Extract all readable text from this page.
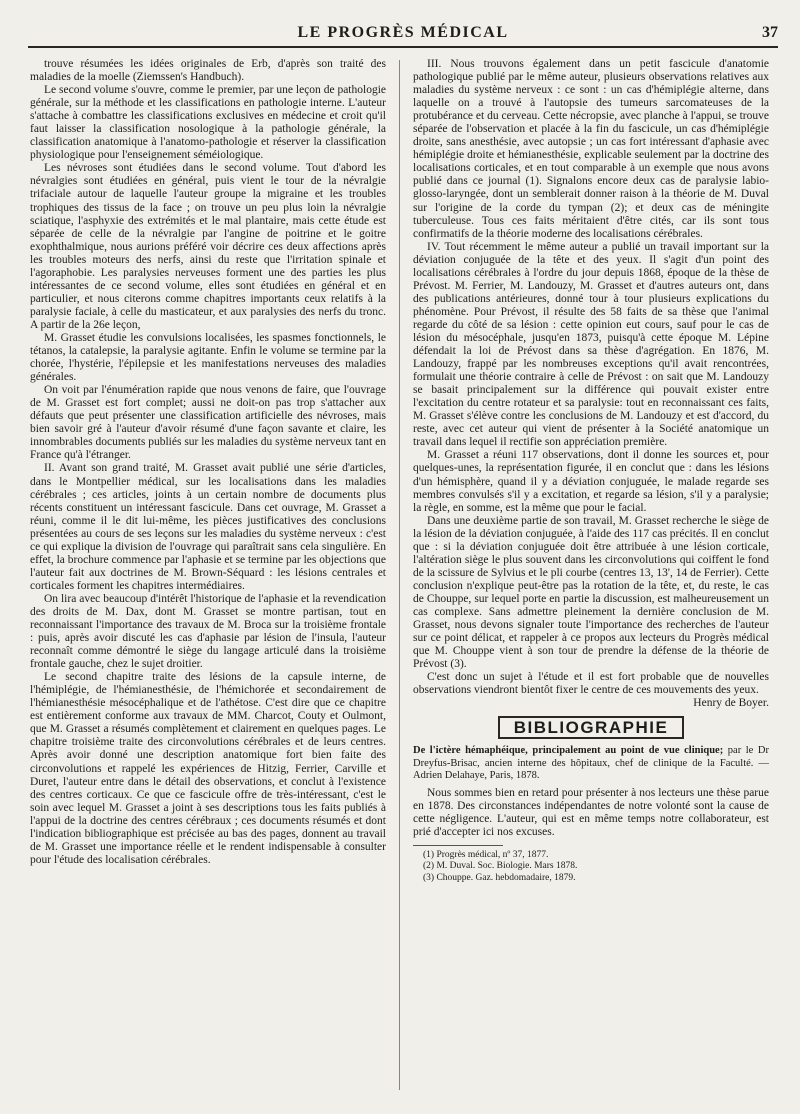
LE PROGRÈS MÉDICAL	37

trouve résumées les idées originales de Erb, d'après son traité des maladies de la moelle (Ziemssen's Handbuch).

Le second volume s'ouvre, comme le premier, par une leçon de pathologie générale, sur la méthode et les classifications en pathologie interne. L'auteur s'attache à combattre les classifications exclusives en médecine et croit qu'il faut laisser la classification nosologique à la pathologie générale, la classification anatomique à l'anatomo-pathologie et réserver la classification physiologique pour l'enseignement séméiologique.

Les névroses sont étudiées dans le second volume. Tout d'abord les névralgies sont étudiées en général, puis vient le tour de la névralgie trifaciale autour de laquelle l'auteur groupe la migraine et les troubles trophiques des tissus de la face ; on trouve un peu plus loin la névralgie sciatique, l'asphyxie des extrémités et le mal plantaire, mais cette étude est séparée de celle de la névralgie par l'angine de poitrine et le goitre exophthalmique, nous aurions préféré voir décrire ces deux affections après les troubles moteurs des nerfs, ainsi du reste que l'irritation spinale et l'agoraphobie. Les paralysies nerveuses forment une des parties les plus intéressantes de ce second volume, elles sont étudiées en général et en particulier, et nous citerons comme chapitres importants ceux relatifs à la paralysie faciale, à celle du masticateur, et aux paralysies des nerfs du tronc. A partir de la 26e leçon,

M. Grasset étudie les convulsions localisées, les spasmes fonctionnels, le tétanos, la catalepsie, la paralysie agitante. Enfin le volume se termine par la chorée, l'hystérie, l'épilepsie et les manifestations nerveuses des maladies générales.

On voit par l'énumération rapide que nous venons de faire, que l'ouvrage de M. Grasset est fort complet; aussi ne doit-on pas trop s'attacher aux défauts que peut présenter une classification artificielle des névroses, mais bien savoir gré à l'auteur d'avoir résumé d'une façon savante et claire, les innombrables documents publiés sur les maladies du système nerveux tant en France qu'à l'étranger.

II. Avant son grand traité, M. Grasset avait publié une série d'articles, dans le Montpellier médical, sur les localisations dans les maladies cérébrales ; ces articles, joints à un certain nombre de documents plus récents constituent un intéressant fascicule. Dans cet ouvrage, M. Grasset a réuni, comme il le dit lui-même, les pièces justificatives des conclusions présentées au cours de ses leçons sur les maladies du système nerveux : c'est ce qui explique la division de l'ouvrage qui paraîtrait sans cela singulière. En effet, la brochure commence par l'aphasie et se termine par les objections que l'auteur fait aux doctrines de M. Brown-Séquard : les lésions centrales et corticales forment les chapitres intermédiaires.

On lira avec beaucoup d'intérêt l'historique de l'aphasie et la revendication des droits de M. Dax, dont M. Grasset se montre partisan, tout en reconnaissant l'importance des travaux de M. Broca sur la troisième frontale : puis, après avoir discuté les cas d'aphasie par lésion de l'insula, l'auteur reconnaît comme démontré le siège du langage articulé dans la troisième frontale gauche, chez le sujet droitier.

Le second chapitre traite des lésions de la capsule interne, de l'hémiplégie, de l'hémianesthésie, de l'hémichorée et secondairement de l'hémianesthésie mésocéphalique et de l'athétose. C'est dire que ce chapitre est entièrement conforme aux travaux de MM. Charcot, Couty et Oulmont, que M. Grasset a résumés complètement et clairement en quelques pages. Le chapitre troisième traite des circonvolutions cérébrales et de leurs centres. Après avoir donné une description anatomique fort bien faite des circonvolutions et rappelé les expériences de Hitzig, Ferrier, Carville et Duret, l'auteur entre dans le détail des observations, et conclut à l'existence des centres corticaux. Ce que ce fascicule offre de très-intéressant, c'est le soin avec lequel M. Grasset a joint à ses descriptions tous les faits publiés à l'appui de la doctrine des centres cérébraux ; ces documents résumés et dont l'indication bibliographique est précisée au bas des pages, donnent au travail de M. Grasset une importance réelle et le rendent indispensable à consulter pour l'étude des localisation cérébrales.

III. Nous trouvons également dans un petit fascicule d'anatomie pathologique publié par le même auteur, plusieurs observations relatives aux maladies du système nerveux : ce sont : un cas d'hémiplégie alterne, dans laquelle on a trouvé à l'autopsie des tumeurs sarcomateuses de la protubérance et du cerveau. Cette nécropsie, avec planche à l'appui, se trouve séparée de l'observation et placée à la fin du fascicule, un cas d'hémiplégie droite, sans anesthésie, avec autopsie ; un cas fort intéressant d'aphasie avec hémiplégie droite et hémianesthésie, explicable seulement par la doctrine des localisations corticales, et en tout comparable à un exemple que nous avons publié dans ce journal (1). Signalons encore deux cas de paralysie labio-glosso-laryngée, dont un semblerait donner raison à la théorie de M. Duval sur l'origine de la corde du tympan (2); et deux cas de méningite tuberculeuse. Tous ces faits méritaient d'être cités, car ils sont tous confirmatifs de la théorie moderne des localisations cérébrales.

IV. Tout récemment le même auteur a publié un travail important sur la déviation conjuguée de la tête et des yeux. Il s'agit d'un point des localisations cérébrales à l'ordre du jour depuis 1868, époque de la thèse de Prévost. M. Ferrier, M. Landouzy, M. Grasset et d'autres auteurs ont, dans des publications antérieures, donné tour à tour plusieurs explications du phénomène. Pour Prévost, il résulte des 58 faits de sa thèse que l'animal regarde du côté de sa lésion : cette opinion eut cours, sauf pour le cas de lésion du mésocéphale, jusqu'en 1873, puisqu'à cette époque M. Lépine défendait la loi de Prévost dans sa thèse d'agrégation. En 1876, M. Landouzy, frappé par les nombreuses exceptions qu'il avait rencontrées, formulait une théorie contraire à celle de Prévost : on sait que M. Landouzy se basait principalement sur la différence qui pouvait exister entre l'excitation du centre rotateur et sa paralysie: tout en reconnaissant ces faits, M. Grasset s'élève contre les conclusions de M. Landouzy et est d'accord, du reste, avec cet auteur qui vient de présenter à la Société anatomique un travail dans lequel il rectifie son appréciation première.

M. Grasset a réuni 117 observations, dont il donne les sources et, pour quelques-unes, la représentation figurée, il en conclut que : dans les lésions d'un hémisphère, quand il y a déviation conjuguée, le malade regarde ses membres convulsés s'il y a excitation, et regarde sa lésion, s'il y a paralysie; la règle, en somme, est la même que pour le facial.

Dans une deuxième partie de son travail, M. Grasset recherche le siège de la lésion de la déviation conjuguée, à l'aide des 117 cas précités. Il en conclut que : si la déviation conjuguée doit être attribuée à une lésion corticale, l'altération siège le plus souvent dans les circonvolutions qui coiffent le fond de la scissure de Sylvius et le pli courbe (centres 13, 13', 14 de Ferrier). Cette conclusion n'explique peut-être pas la rotation de la tête, et, du reste, le cas de Chouppe, sur lequel porte en partie la discussion, est malheureusement un cas complexe. Sans admettre pleinement la dernière conclusion de M. Grasset, nous devons signaler toute l'importance des recherches de l'auteur sur ce point délicat, et rappeler à ce propos aux lecteurs du Progrès médical que M. Chouppe vient à son tour de prendre la défense de la théorie de Prévost (3).

C'est donc un sujet à l'étude et il est fort probable que de nouvelles observations viendront bientôt fixer le centre de ces mouvements des yeux.

Henry de Boyer.

BIBLIOGRAPHIE

De l'ictère hémaphéique, principalement au point de vue clinique; par le Dr Dreyfus-Brisac, ancien interne des hôpitaux, chef de clinique de la Faculté. — Adrien Delahaye, Paris, 1878.

Nous sommes bien en retard pour présenter à nos lecteurs une thèse parue en 1878. Des circonstances indépendantes de notre volonté sont la cause de cette négligence. L'auteur, qui est en même temps notre collaborateur, est prié d'accepter ici nos excuses.

(1) Progrès médical, nº 37, 1877.

(2) M. Duval. Soc. Biologie. Mars 1878.

(3) Chouppe. Gaz. hebdomadaire, 1879.
